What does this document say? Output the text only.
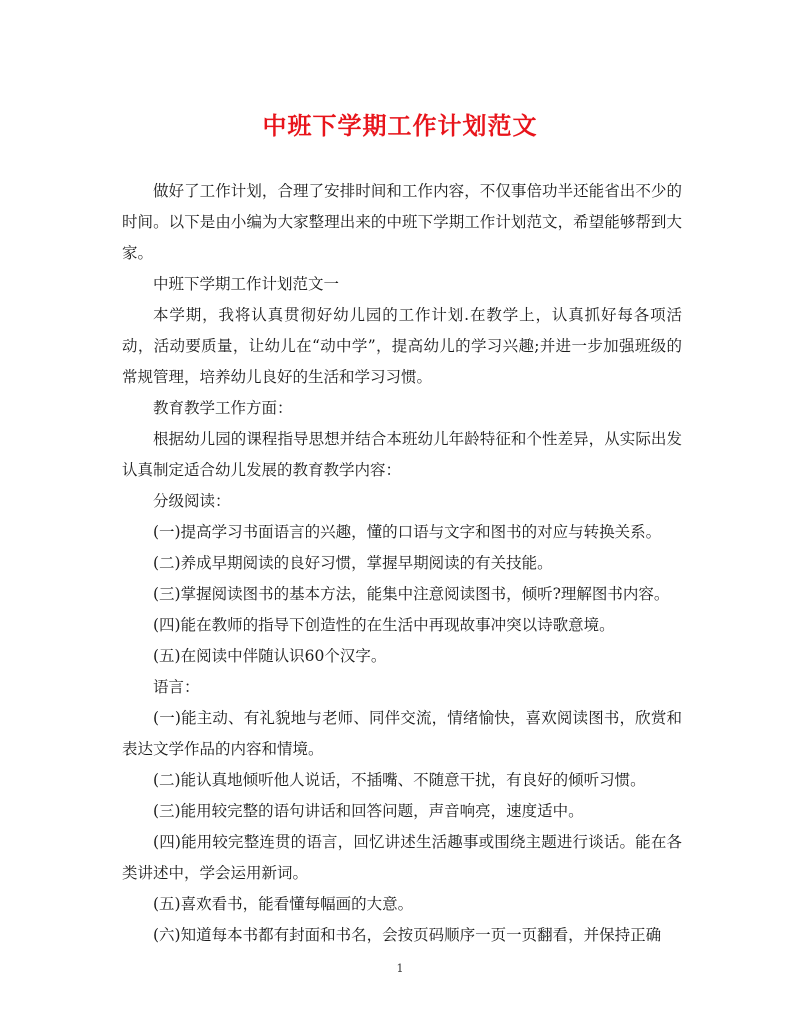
中班下学期工作计划范文

做好了工作计划，合理了安排时间和工作内容，不仅事倍功半还能省出不少的时间。以下是由小编为大家整理出来的中班下学期工作计划范文，希望能够帮到大家。

中班下学期工作计划范文一

本学期，我将认真贯彻好幼儿园的工作计划.在教学上，认真抓好每各项活动，活动要质量，让幼儿在“动中学”，提高幼儿的学习兴趣;并进一步加强班级的常规管理，培养幼儿良好的生活和学习习惯。

教育教学工作方面：

根据幼儿园的课程指导思想并结合本班幼儿年龄特征和个性差异，从实际出发认真制定适合幼儿发展的教育教学内容：

分级阅读：

(一)提高学习书面语言的兴趣，懂的口语与文字和图书的对应与转换关系。

(二)养成早期阅读的良好习惯，掌握早期阅读的有关技能。

(三)掌握阅读图书的基本方法，能集中注意阅读图书，倾听?理解图书内容。

(四)能在教师的指导下创造性的在生活中再现故事冲突以诗歌意境。

(五)在阅读中伴随认识60个汉字。

语言：

(一)能主动、有礼貌地与老师、同伴交流，情绪愉快，喜欢阅读图书，欣赏和表达文学作品的内容和情境。

(二)能认真地倾听他人说话，不插嘴、不随意干扰，有良好的倾听习惯。

(三)能用较完整的语句讲话和回答问题，声音响亮，速度适中。

(四)能用较完整连贯的语言，回忆讲述生活趣事或围绕主题进行谈话。能在各类讲述中，学会运用新词。

(五)喜欢看书，能看懂每幅画的大意。

(六)知道每本书都有封面和书名，会按页码顺序一页一页翻看，并保持正确

1
